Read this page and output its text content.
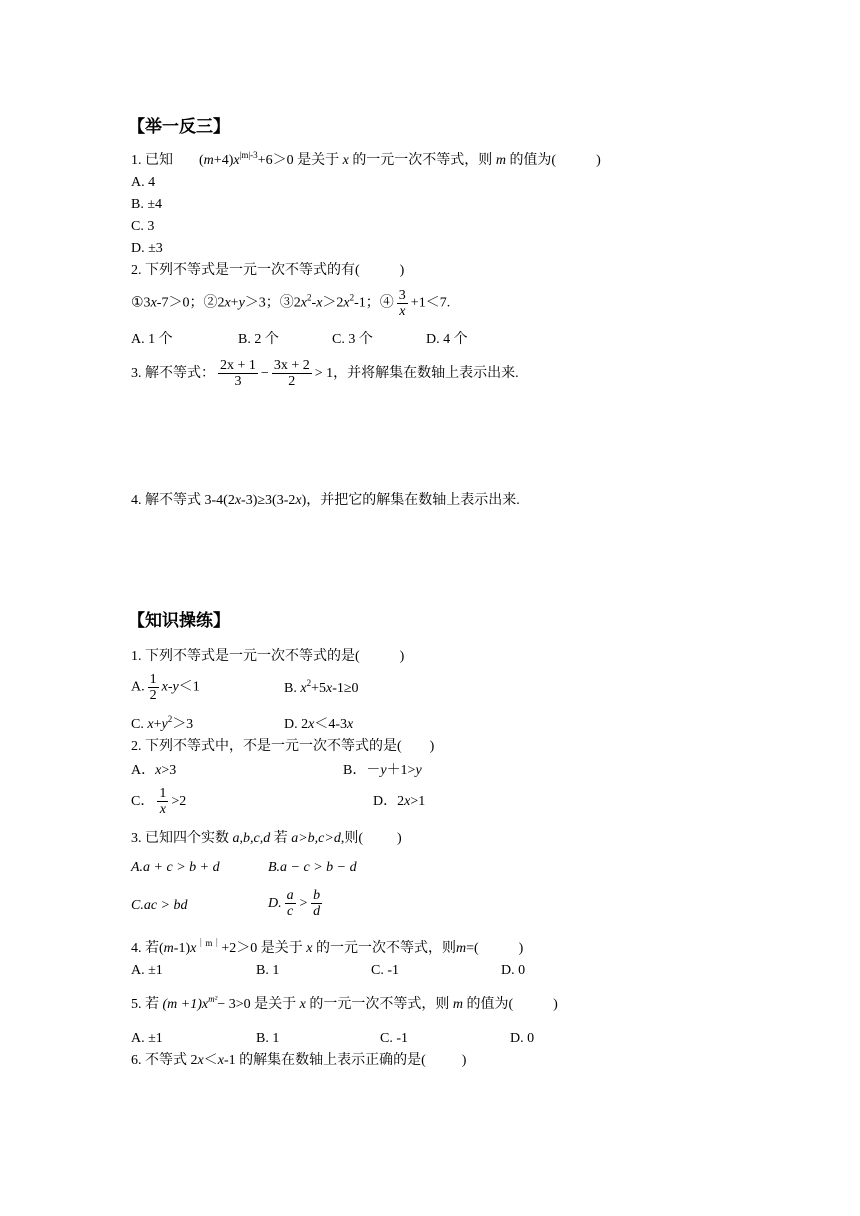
【举一反三】
1. 已知 $(m+4)x^{|m|-3}+6>0$ 是关于 x 的一元一次不等式，则 m 的值为(	)
A. 4
B. ±4
C. 3
D. ±3
2. 下列不等式是一元一次不等式的有(	)
①3x-7＞0；②2x+y＞3；$③2x^2-x>2x^2-1$；④ $\frac{3}{x} +1<7$.
A. 1 个	B. 2 个	C. 3 个	D. 4 个
3. 解不等式： $\frac{2x + 1}{3} - \frac{3x + 2}{2} > 1$，并将解集在数轴上表示出来.
4. 解不等式 3-4(2x-3)≥3(3-2x)，并把它的解集在数轴上表示出来.
【知识操练】
1. 下列不等式是一元一次不等式的是(	)
A. $\frac{1}{2} x-y<1$	B. $x^2+5x-1\ge 0$
C. $x+y^2>3$	D. 2x＜4-3x
2. 下列不等式中，不是一元一次不等式的是( )
A．x>3	B．－y＋1>y
C． $\frac{1}{x} >2$	D．2x>1
3. 已知四个实数 a,b,c,d 若 a>b,c>d,则( )
A.a + c > b + d	B.a − c > b − d
C.ac > bd	D. $\frac{a}{c} > \frac{b}{d}$
4. 若$(m-1)x^{|m|}+2>0$ 是关于 x 的一元一次不等式，则m=(	)
A. ±1	B. 1	C. -1	D. 0
5. 若 $(m +1)x^{m^2}- 3>0$ 是关于 x 的一元一次不等式，则 m 的值为(	)
A. ±1	B. 1	C. -1	D. 0
6. 不等式 2x＜x-1 的解集在数轴上表示正确的是(	)
